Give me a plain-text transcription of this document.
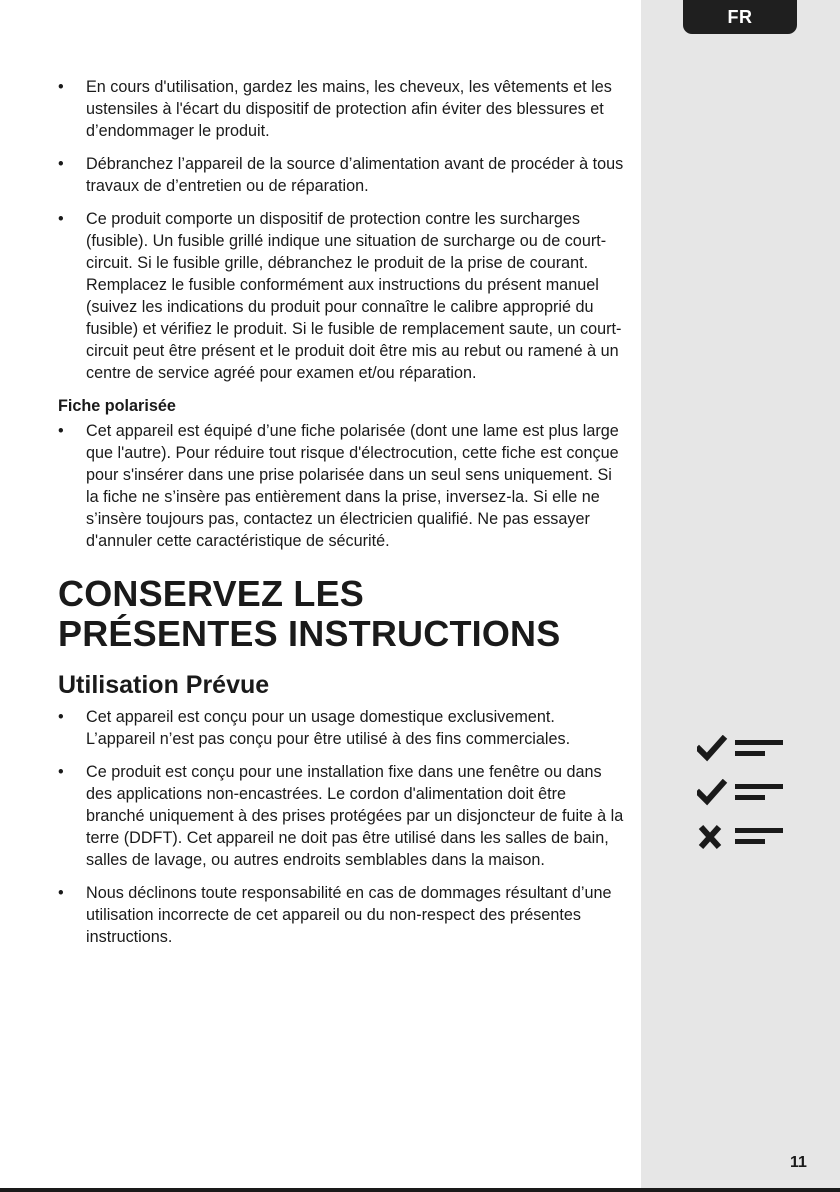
FR
• En cours d'utilisation, gardez les mains, les cheveux, les vêtements et les ustensiles à l'écart du dispositif de protection afin éviter des blessures et d’endommager le produit.
• Débranchez l’appareil de la source d’alimentation avant de procéder à tous travaux de d’entretien ou de réparation.
• Ce produit comporte un dispositif de protection contre les surcharges (fusible). Un fusible grillé indique une situation de surcharge ou de court-circuit. Si le fusible grille, débranchez le produit de la prise de courant. Remplacez le fusible conformément aux instructions du présent manuel (suivez les indications du produit pour connaître le calibre approprié du fusible) et vérifiez le produit. Si le fusible de remplacement saute, un court-circuit peut être présent et le produit doit être mis au rebut ou ramené à un centre de service agréé pour examen et/ou réparation.
Fiche polarisée
• Cet appareil est équipé d’une fiche polarisée (dont une lame est plus large que l'autre). Pour réduire tout risque d'électrocution, cette fiche est conçue pour s'insérer dans une prise polarisée dans un seul sens uniquement. Si la fiche ne s’insère pas entièrement dans la prise, inversez-la. Si elle ne s’insère toujours pas, contactez un électricien qualifié. Ne pas essayer d'annuler cette caractéristique de sécurité.
CONSERVEZ LES
PRÉSENTES INSTRUCTIONS
Utilisation Prévue
• Cet appareil est conçu pour un usage domestique exclusivement. L’appareil n’est pas conçu pour être utilisé à des fins commerciales.
• Ce produit est conçu pour une installation fixe dans une fenêtre ou dans des applications non-encastrées. Le cordon d'alimentation doit être branché uniquement à des prises protégées par un disjoncteur de fuite à la terre (DDFT). Cet appareil ne doit pas être utilisé dans les salles de bain, salles de lavage, ou autres endroits semblables dans la maison.
• Nous déclinons toute responsabilité en cas de dommages résultant d’une utilisation incorrecte de cet appareil ou du non-respect des présentes instructions.
11
